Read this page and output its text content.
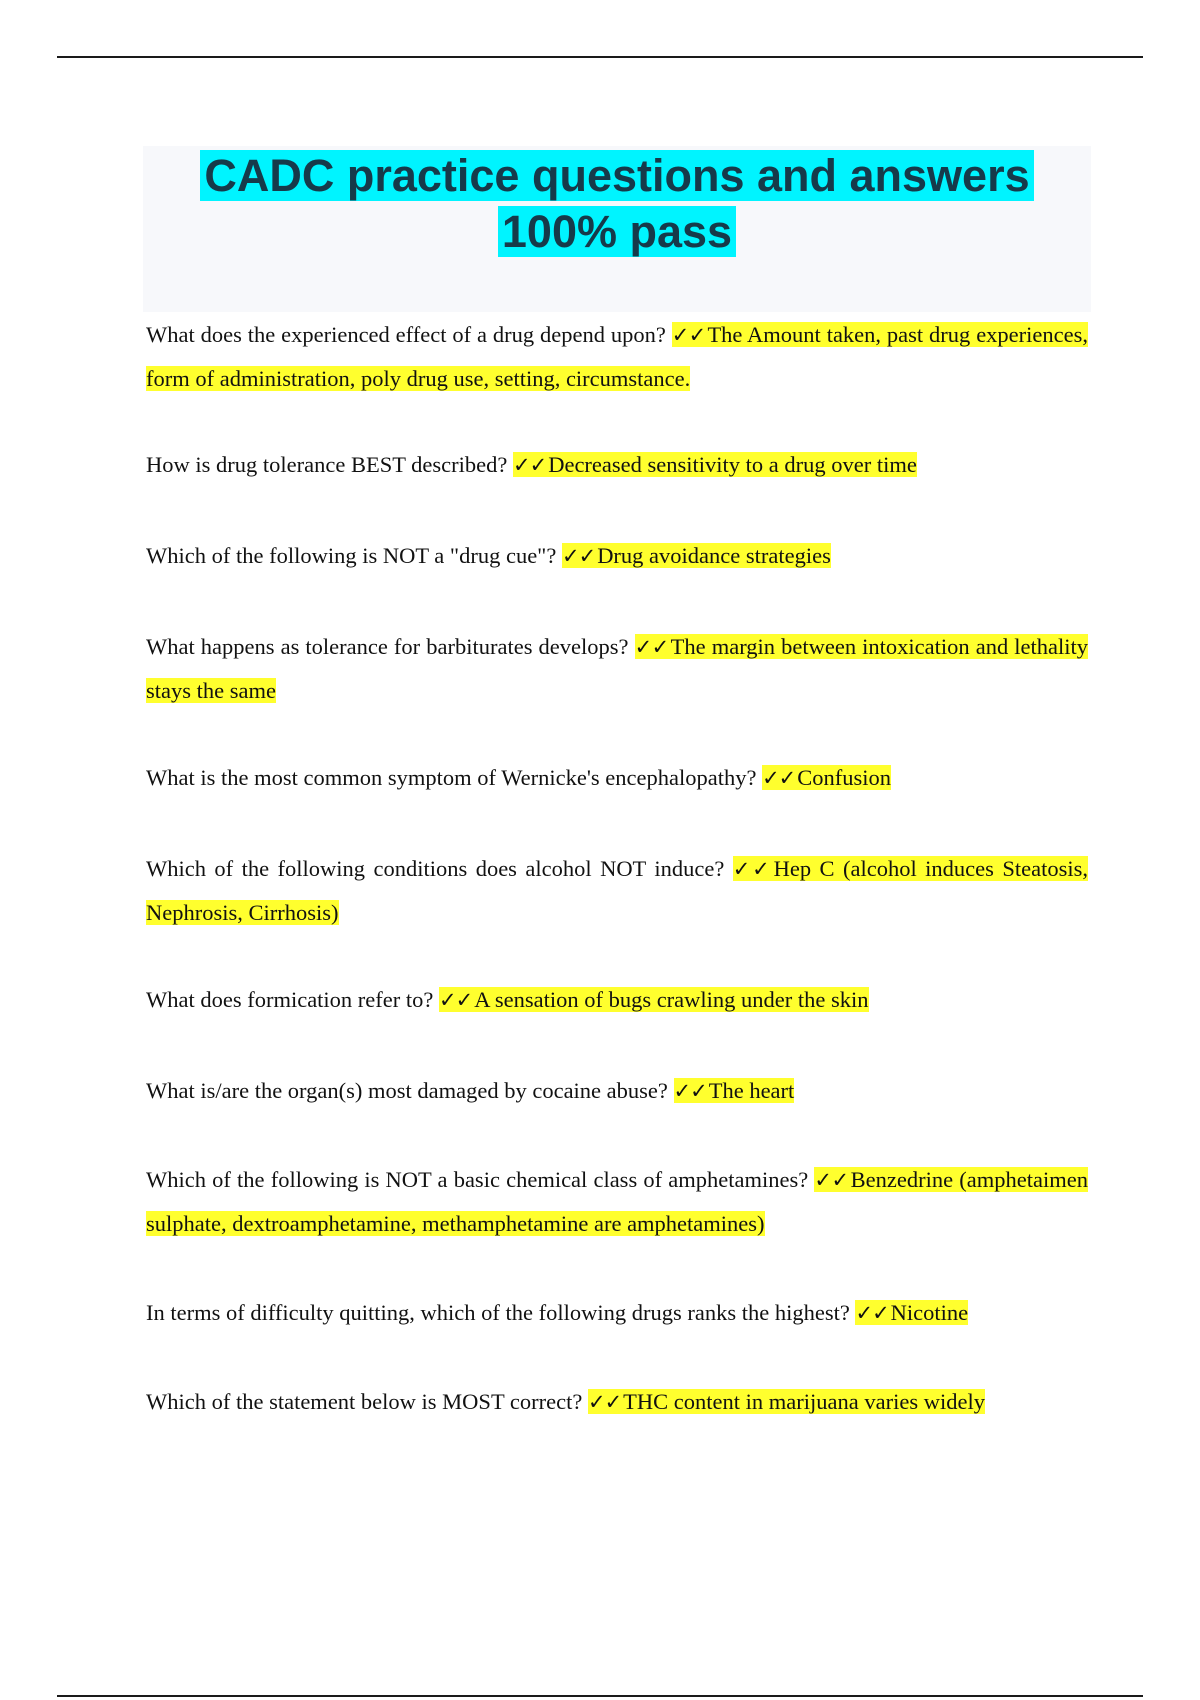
CADC practice questions and answers 100% pass

What does the experienced effect of a drug depend upon? ✓✓The Amount taken, past drug experiences, form of administration, poly drug use, setting, circumstance.

How is drug tolerance BEST described? ✓✓Decreased sensitivity to a drug over time

Which of the following is NOT a "drug cue"? ✓✓Drug avoidance strategies

What happens as tolerance for barbiturates develops? ✓✓The margin between intoxication and lethality stays the same

What is the most common symptom of Wernicke's encephalopathy? ✓✓Confusion

Which of the following conditions does alcohol NOT induce? ✓✓Hep C (alcohol induces Steatosis, Nephrosis, Cirrhosis)

What does formication refer to? ✓✓A sensation of bugs crawling under the skin

What is/are the organ(s) most damaged by cocaine abuse? ✓✓The heart

Which of the following is NOT a basic chemical class of amphetamines? ✓✓Benzedrine (amphetaimen sulphate, dextroamphetamine, methamphetamine are amphetamines)

In terms of difficulty quitting, which of the following drugs ranks the highest? ✓✓Nicotine

Which of the statement below is MOST correct? ✓✓THC content in marijuana varies widely
